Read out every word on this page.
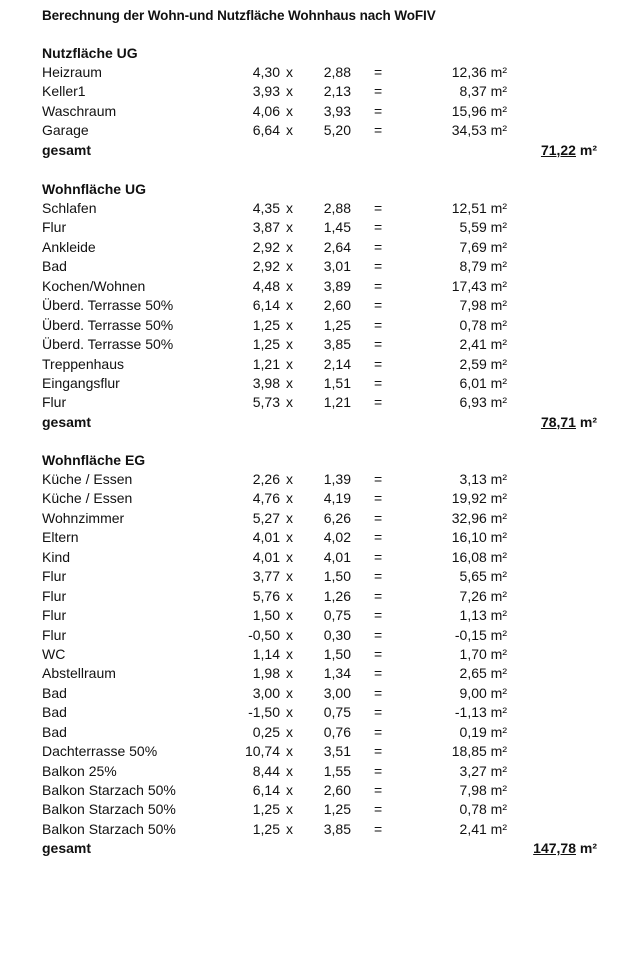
Berechnung der Wohn-und Nutzfläche Wohnhaus nach WoFIV
Nutzfläche UG
Heizraum	4,30 x 2,88 =	12,36 m²
Keller1	3,93 x 2,13 =	8,37 m²
Waschraum	4,06 x 3,93 =	15,96 m²
Garage	6,64 x 5,20 =	34,53 m²
gesamt	71,22 m²
Wohnfläche UG
Schlafen	4,35 x 2,88 =	12,51 m²
Flur	3,87 x 1,45 =	5,59 m²
Ankleide	2,92 x 2,64 =	7,69 m²
Bad	2,92 x 3,01 =	8,79 m²
Kochen/Wohnen	4,48 x 3,89 =	17,43 m²
Überd. Terrasse 50%	6,14 x 2,60 =	7,98 m²
Überd. Terrasse 50%	1,25 x 1,25 =	0,78 m²
Überd. Terrasse 50%	1,25 x 3,85 =	2,41 m²
Treppenhaus	1,21 x 2,14 =	2,59 m²
Eingangsflur	3,98 x 1,51 =	6,01 m²
Flur	5,73 x 1,21 =	6,93 m²
gesamt	78,71 m²
Wohnfläche EG
Küche / Essen	2,26 x 1,39 =	3,13 m²
Küche / Essen	4,76 x 4,19 =	19,92 m²
Wohnzimmer	5,27 x 6,26 =	32,96 m²
Eltern	4,01 x 4,02 =	16,10 m²
Kind	4,01 x 4,01 =	16,08 m²
Flur	3,77 x 1,50 =	5,65 m²
Flur	5,76 x 1,26 =	7,26 m²
Flur	1,50 x 0,75 =	1,13 m²
Flur	-0,50 x 0,30 =	-0,15 m²
WC	1,14 x 1,50 =	1,70 m²
Abstellraum	1,98 x 1,34 =	2,65 m²
Bad	3,00 x 3,00 =	9,00 m²
Bad	-1,50 x 0,75 =	-1,13 m²
Bad	0,25 x 0,76 =	0,19 m²
Dachterrasse 50%	10,74 x 3,51 =	18,85 m²
Balkon 25%	8,44 x 1,55 =	3,27 m²
Balkon Starzach 50%	6,14 x 2,60 =	7,98 m²
Balkon Starzach 50%	1,25 x 1,25 =	0,78 m²
Balkon Starzach 50%	1,25 x 3,85 =	2,41 m²
gesamt	147,78 m²
